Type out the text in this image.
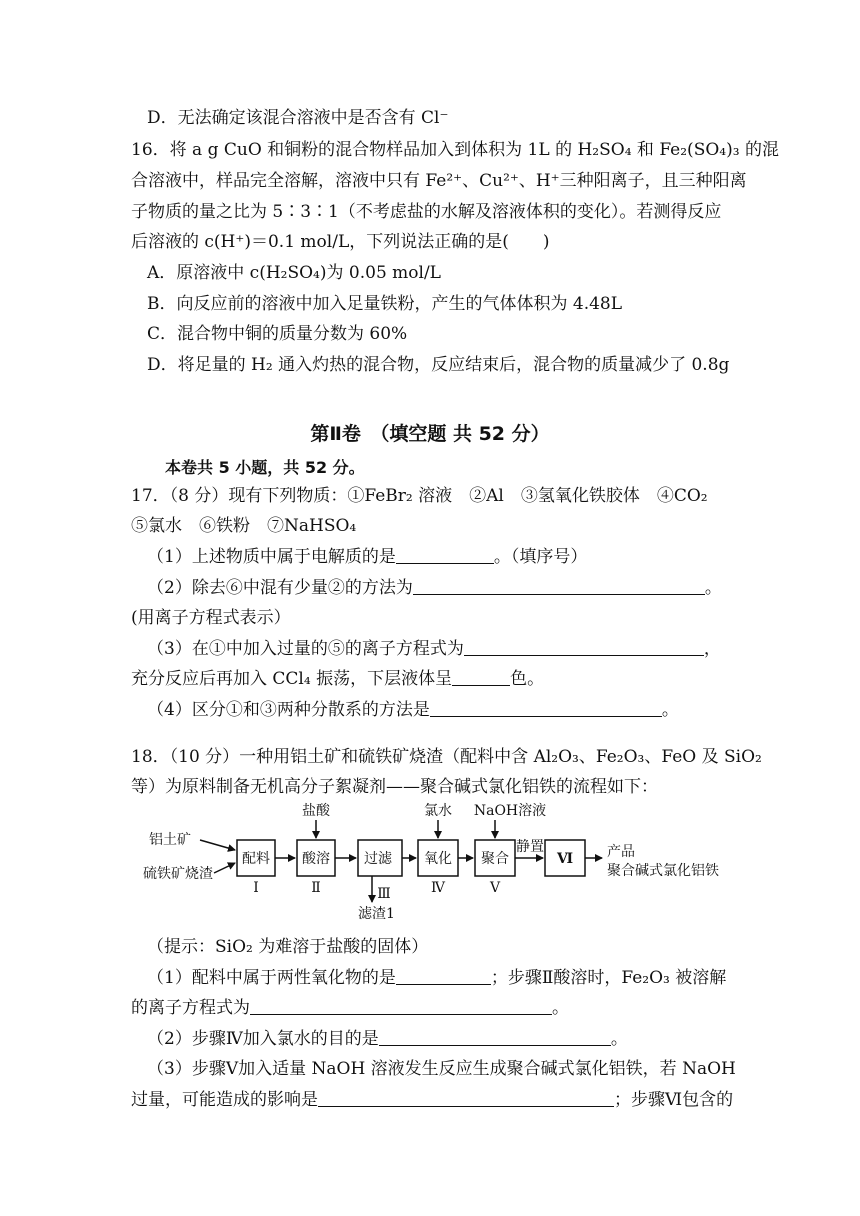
D．无法确定该混合溶液中是否含有 Cl⁻
16．将 a g CuO 和铜粉的混合物样品加入到体积为 1L 的 H₂SO₄ 和 Fe₂(SO₄)₃ 的混
合溶液中，样品完全溶解，溶液中只有 Fe²⁺、Cu²⁺、H⁺三种阳离子，且三种阳离
子物质的量之比为 5∶3∶1（不考虑盐的水解及溶液体积的变化）。若测得反应
后溶液的 c(H⁺)＝0.1 mol/L，下列说法正确的是(　　)
A．原溶液中 c(H₂SO₄)为 0.05 mol/L
B．向反应前的溶液中加入足量铁粉，产生的气体体积为 4.48L
C．混合物中铜的质量分数为 60%
D．将足量的 H₂ 通入灼热的混合物，反应结束后，混合物的质量减少了 0.8g
第Ⅱ卷　（填空题 共 52 分）
本卷共 5 小题，共 52 分。
17．（8 分）现有下列物质：①FeBr₂ 溶液　②Al　③氢氧化铁胶体　④CO₂
⑤氯水　⑥铁粉　⑦NaHSO₄
（1）上述物质中属于电解质的是	。（填序号）
（2）除去⑥中混有少量②的方法为	。
(用离子方程式表示）
（3）在①中加入过量的⑤的离子方程式为	，
充分反应后再加入 CCl₄ 振荡，下层液体呈	色。
（4）区分①和③两种分散系的方法是	。
18．（10 分）一种用铝土矿和硫铁矿烧渣（配料中含 Al₂O₃、Fe₂O₃、FeO 及 SiO₂
等）为原料制备无机高分子絮凝剂——聚合碱式氯化铝铁的流程如下：
铝土矿
硫铁矿烧渣
配料 酸溶 过滤 氧化 聚合	Ⅵ
Ⅰ	Ⅱ	Ⅲ	Ⅳ	Ⅴ
盐酸	氯水 NaOH溶液
静置
滤渣1
产品
聚合碱式氯化铝铁
（提示：SiO₂ 为难溶于盐酸的固体）
（1）配料中属于两性氧化物的是	；步骤Ⅱ酸溶时，Fe₂O₃ 被溶解
的离子方程式为	。
（2）步骤Ⅳ加入氯水的目的是	。
（3）步骤Ⅴ加入适量 NaOH 溶液发生反应生成聚合碱式氯化铝铁，若 NaOH
过量，可能造成的影响是	；步骤Ⅵ包含的
